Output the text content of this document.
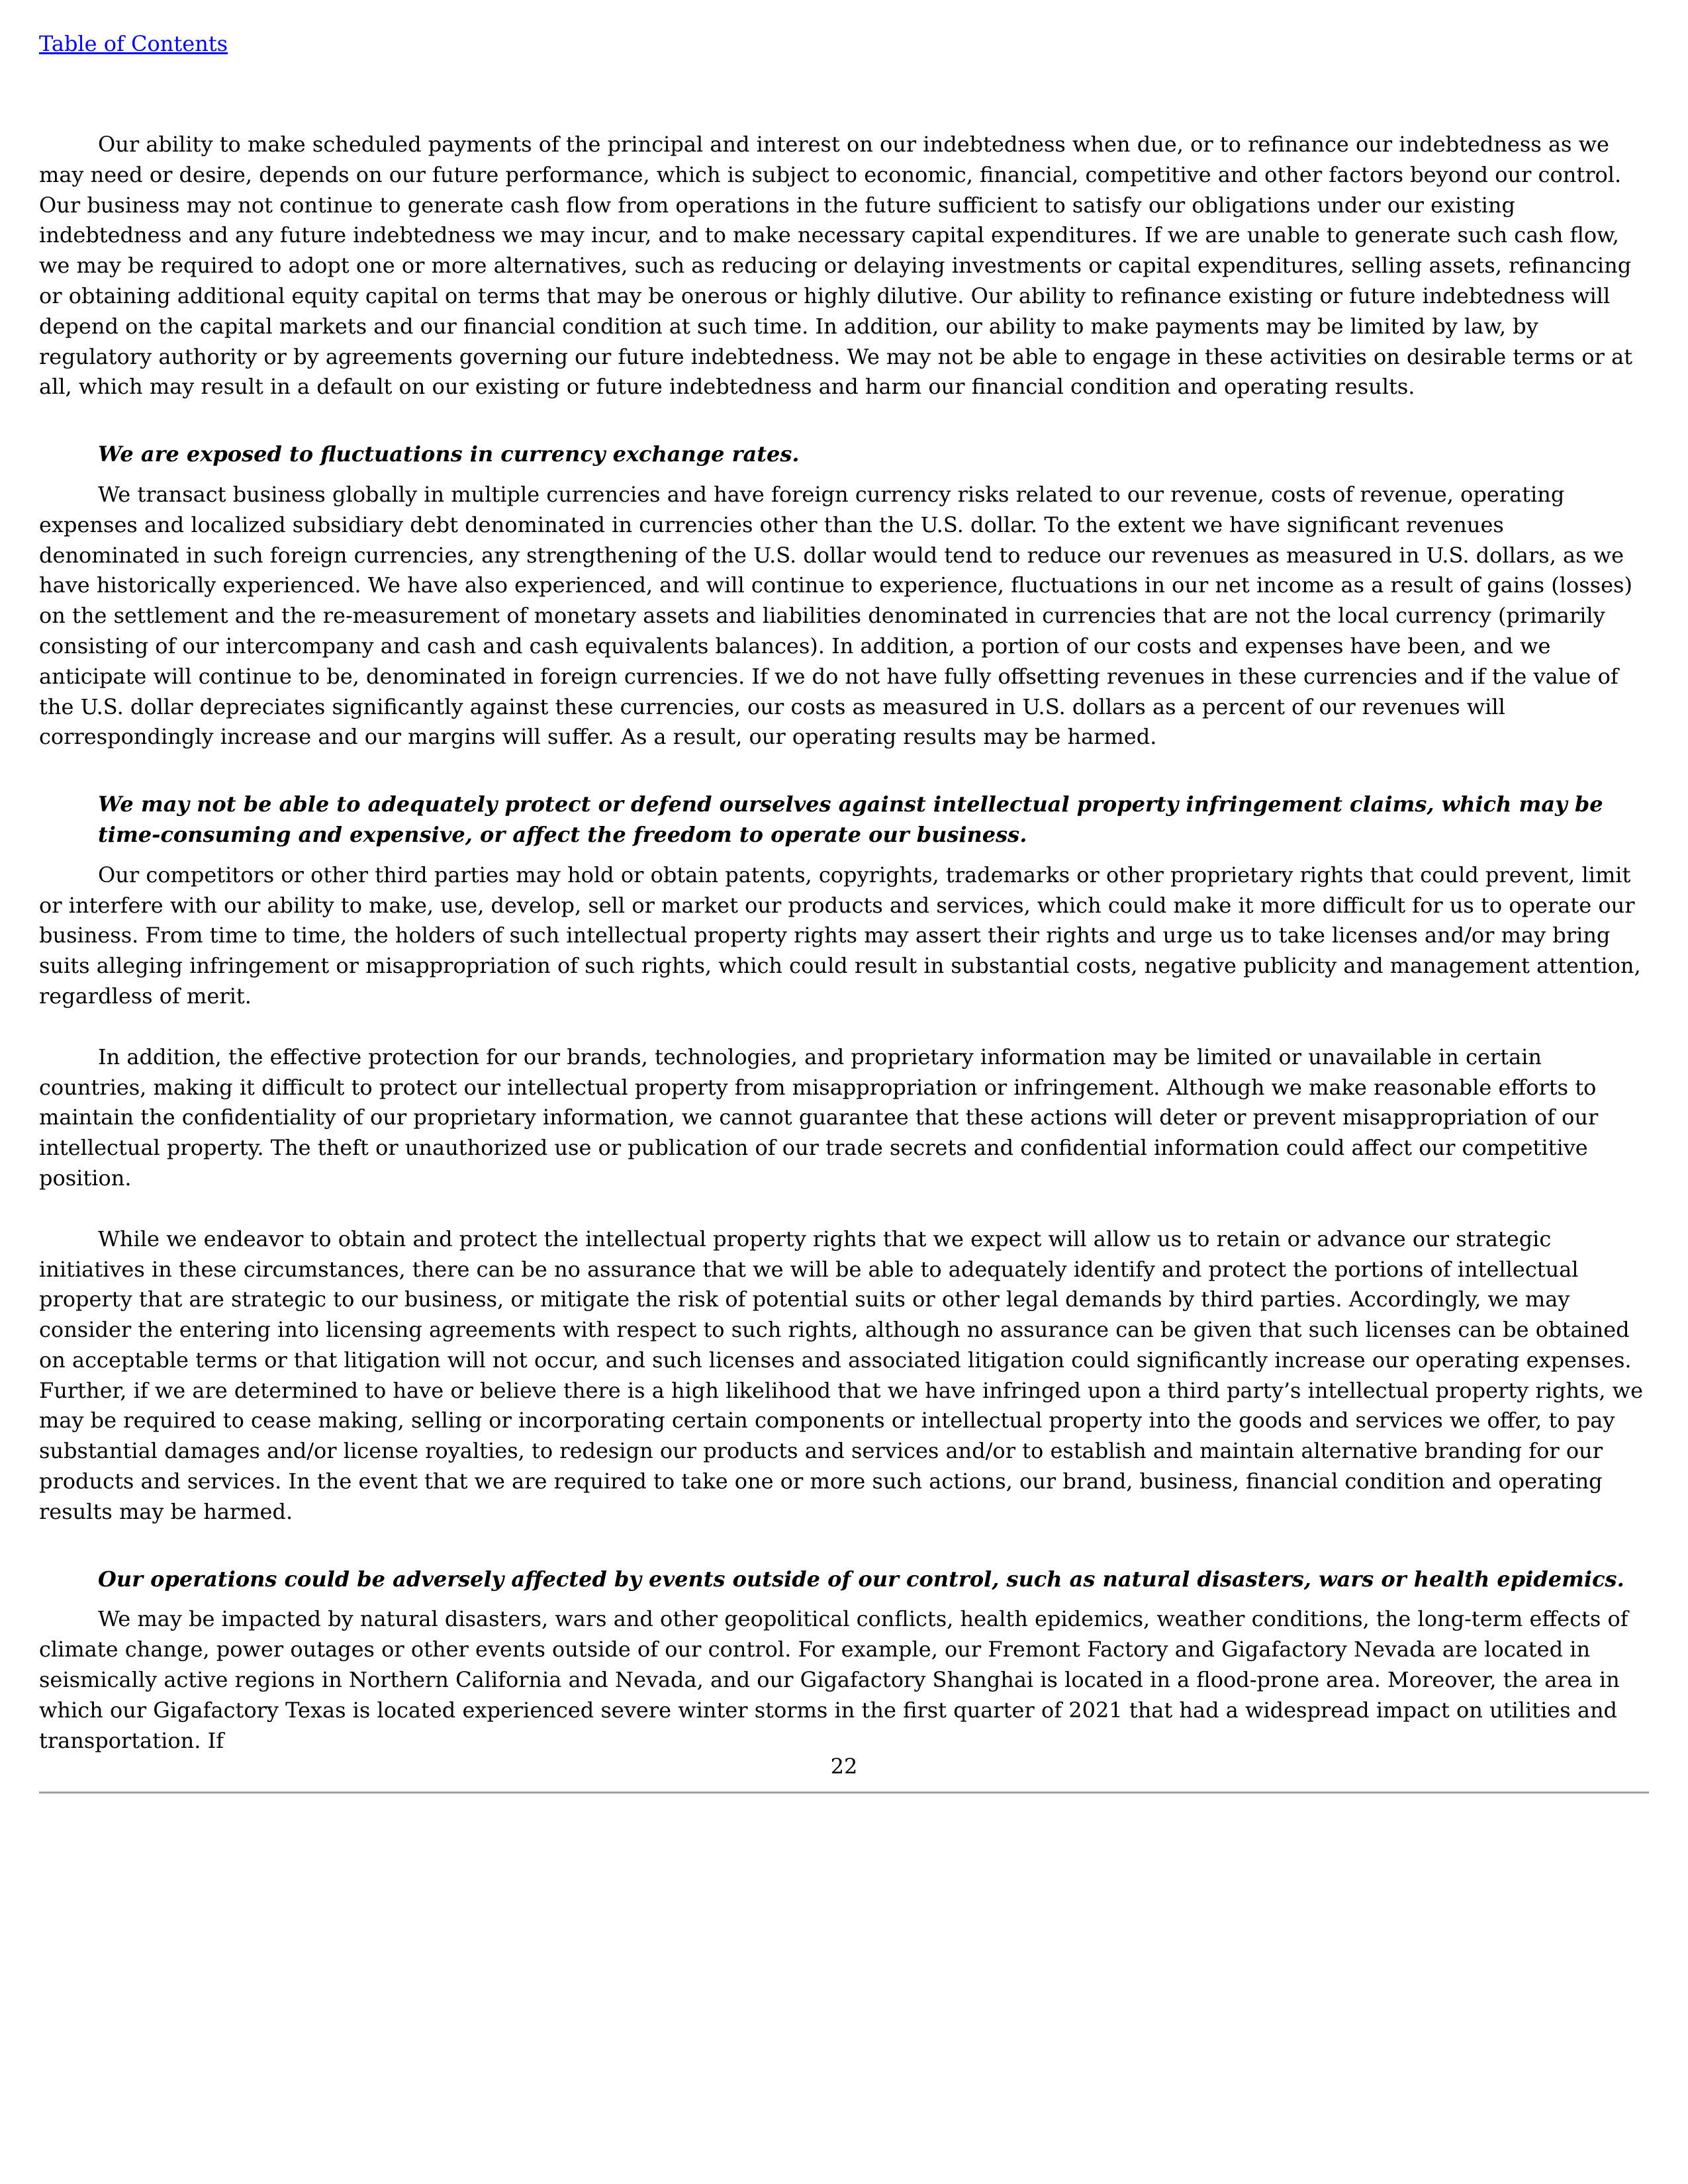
Table of Contents

Our ability to make scheduled payments of the principal and interest on our indebtedness when due, or to refinance our indebtedness as we may need or desire, depends on our future performance, which is subject to economic, financial, competitive and other factors beyond our control. Our business may not continue to generate cash flow from operations in the future sufficient to satisfy our obligations under our existing indebtedness and any future indebtedness we may incur, and to make necessary capital expenditures. If we are unable to generate such cash flow, we may be required to adopt one or more alternatives, such as reducing or delaying investments or capital expenditures, selling assets, refinancing or obtaining additional equity capital on terms that may be onerous or highly dilutive. Our ability to refinance existing or future indebtedness will depend on the capital markets and our financial condition at such time. In addition, our ability to make payments may be limited by law, by regulatory authority or by agreements governing our future indebtedness. We may not be able to engage in these activities on desirable terms or at all, which may result in a default on our existing or future indebtedness and harm our financial condition and operating results.

We are exposed to fluctuations in currency exchange rates.

We transact business globally in multiple currencies and have foreign currency risks related to our revenue, costs of revenue, operating expenses and localized subsidiary debt denominated in currencies other than the U.S. dollar. To the extent we have significant revenues denominated in such foreign currencies, any strengthening of the U.S. dollar would tend to reduce our revenues as measured in U.S. dollars, as we have historically experienced. We have also experienced, and will continue to experience, fluctuations in our net income as a result of gains (losses) on the settlement and the re-measurement of monetary assets and liabilities denominated in currencies that are not the local currency (primarily consisting of our intercompany and cash and cash equivalents balances). In addition, a portion of our costs and expenses have been, and we anticipate will continue to be, denominated in foreign currencies. If we do not have fully offsetting revenues in these currencies and if the value of the U.S. dollar depreciates significantly against these currencies, our costs as measured in U.S. dollars as a percent of our revenues will correspondingly increase and our margins will suffer. As a result, our operating results may be harmed.

We may not be able to adequately protect or defend ourselves against intellectual property infringement claims, which may be time-consuming and expensive, or affect the freedom to operate our business.

Our competitors or other third parties may hold or obtain patents, copyrights, trademarks or other proprietary rights that could prevent, limit or interfere with our ability to make, use, develop, sell or market our products and services, which could make it more difficult for us to operate our business. From time to time, the holders of such intellectual property rights may assert their rights and urge us to take licenses and/or may bring suits alleging infringement or misappropriation of such rights, which could result in substantial costs, negative publicity and management attention, regardless of merit.

In addition, the effective protection for our brands, technologies, and proprietary information may be limited or unavailable in certain countries, making it difficult to protect our intellectual property from misappropriation or infringement. Although we make reasonable efforts to maintain the confidentiality of our proprietary information, we cannot guarantee that these actions will deter or prevent misappropriation of our intellectual property. The theft or unauthorized use or publication of our trade secrets and confidential information could affect our competitive position.

While we endeavor to obtain and protect the intellectual property rights that we expect will allow us to retain or advance our strategic initiatives in these circumstances, there can be no assurance that we will be able to adequately identify and protect the portions of intellectual property that are strategic to our business, or mitigate the risk of potential suits or other legal demands by third parties. Accordingly, we may consider the entering into licensing agreements with respect to such rights, although no assurance can be given that such licenses can be obtained on acceptable terms or that litigation will not occur, and such licenses and associated litigation could significantly increase our operating expenses. Further, if we are determined to have or believe there is a high likelihood that we have infringed upon a third party’s intellectual property rights, we may be required to cease making, selling or incorporating certain components or intellectual property into the goods and services we offer, to pay substantial damages and/or license royalties, to redesign our products and services and/or to establish and maintain alternative branding for our products and services. In the event that we are required to take one or more such actions, our brand, business, financial condition and operating results may be harmed.

Our operations could be adversely affected by events outside of our control, such as natural disasters, wars or health epidemics.

We may be impacted by natural disasters, wars and other geopolitical conflicts, health epidemics, weather conditions, the long-term effects of climate change, power outages or other events outside of our control. For example, our Fremont Factory and Gigafactory Nevada are located in seismically active regions in Northern California and Nevada, and our Gigafactory Shanghai is located in a flood-prone area. Moreover, the area in which our Gigafactory Texas is located experienced severe winter storms in the first quarter of 2021 that had a widespread impact on utilities and transportation. If

22
